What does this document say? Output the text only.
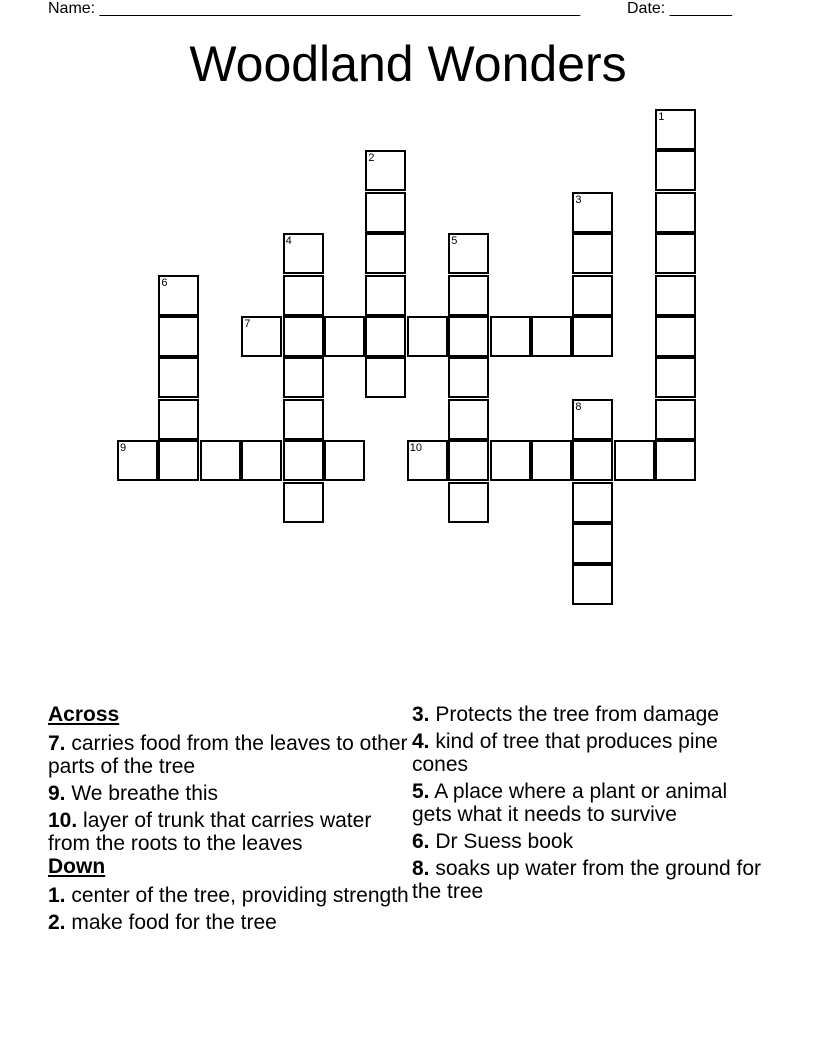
Name: ______________________________________________________	Date: _______
Woodland Wonders
1
2
3
4	5
6
7
8
9	10
Across
7. carries food from the leaves to other parts of the tree
9. We breathe this
10. layer of trunk that carries water from the roots to the leaves
Down
1. center of the tree, providing strength
2. make food for the tree
3. Protects the tree from damage
4. kind of tree that produces pine cones
5. A place where a plant or animal gets what it needs to survive
6. Dr Suess book
8. soaks up water from the ground for the tree
